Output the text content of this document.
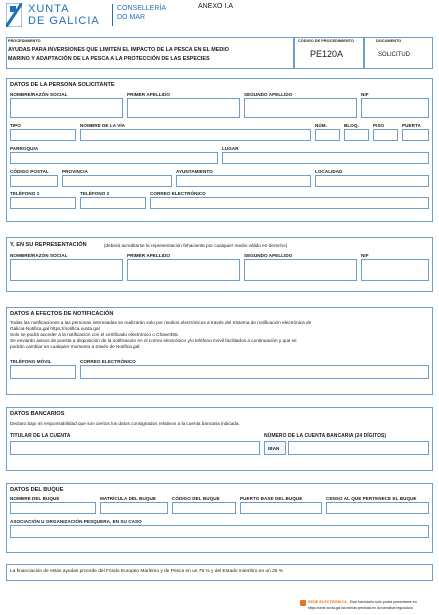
XUNTA
DE GALICIA
CONSELLERÍA
DO MAR
ANEXO I.A
PROCEDIMIENTO
AYUDAS PARA INVERSIONES QUE LIMITEN EL IMPACTO DE LA PESCA EN EL MEDIO
MARINO Y ADAPTACIÓN DE LA PESCA A LA PROTECCIÓN DE LAS ESPECIES
CÓDIGO DE PROCEDIMIENTO
PE120A
DOCUMENTO
SOLICITUD
DATOS DE LA PERSONA SOLICITANTE
NOMBRE/RAZÓN SOCIAL	PRIMER APELLIDO	SEGUNDO APELLIDO	NIF
TIPO	NOMBRE DE LA VÍA	NÚM.	BLOQ.	PISO	PUERTA
PARROQUIA	LUGAR
CÓDIGO POSTAL	PROVINCIA	AYUNTAMIENTO	LOCALIDAD
TELÉFONO 1	TELÉFONO 2	CORREO ELECTRÓNICO
Y, EN SU REPRESENTACIÓN	(deberá acreditarse la representación fehaciente por cualquier medio válido en derecho)
NOMBRE/RAZÓN SOCIAL	PRIMER APELLIDO	SEGUNDO APELLIDO	NIF
DATOS A EFECTOS DE NOTIFICACIÓN
Todas las notificaciones a las personas interesadas se realizarán solo por medios electrónicos a través del Sistema de notificación electrónica de
Galicia-Notifica.gal https://notifica.xunta.gal
Solo se podrá acceder a la notificación con el certificado electrónico o Chave365.
Se enviarán avisos de puesta a disposición de la notificación en el correo electrónico y/o teléfono móvil facilitados a continuación y que se
podrán cambiar en cualquier momento a través de Notifica.gal:
TELÉFONO MÓVIL	CORREO ELECTRÓNICO
DATOS BANCARIOS
Declaro bajo mi responsabilidad que son ciertos los datos consignados relativos a la cuenta bancaria indicada.
TITULAR DE LA CUENTA	NÚMERO DE LA CUENTA BANCARIA (24 DÍGITOS)
IBAN
DATOS DEL BUQUE
NOMBRE DEL BUQUE	MATRÍCULA DEL BUQUE	CÓDIGO DEL BUQUE	PUERTO BASE DEL BUQUE	CENSO AL QUE PERTENECE EL BUQUE
ASOCIACIÓN U ORGANIZACIÓN PESQUERA, EN SU CASO
La financiación de estas ayudas procede del Fondo Europeo Marítimo y de Pesca en un 75 % y del Estado miembro en un 25 %
SEDE ELECTRÓNICA Este formulario solo podrá presentarse en
https://sede.xunta.gal las formas previstas en la normativa reguladora
